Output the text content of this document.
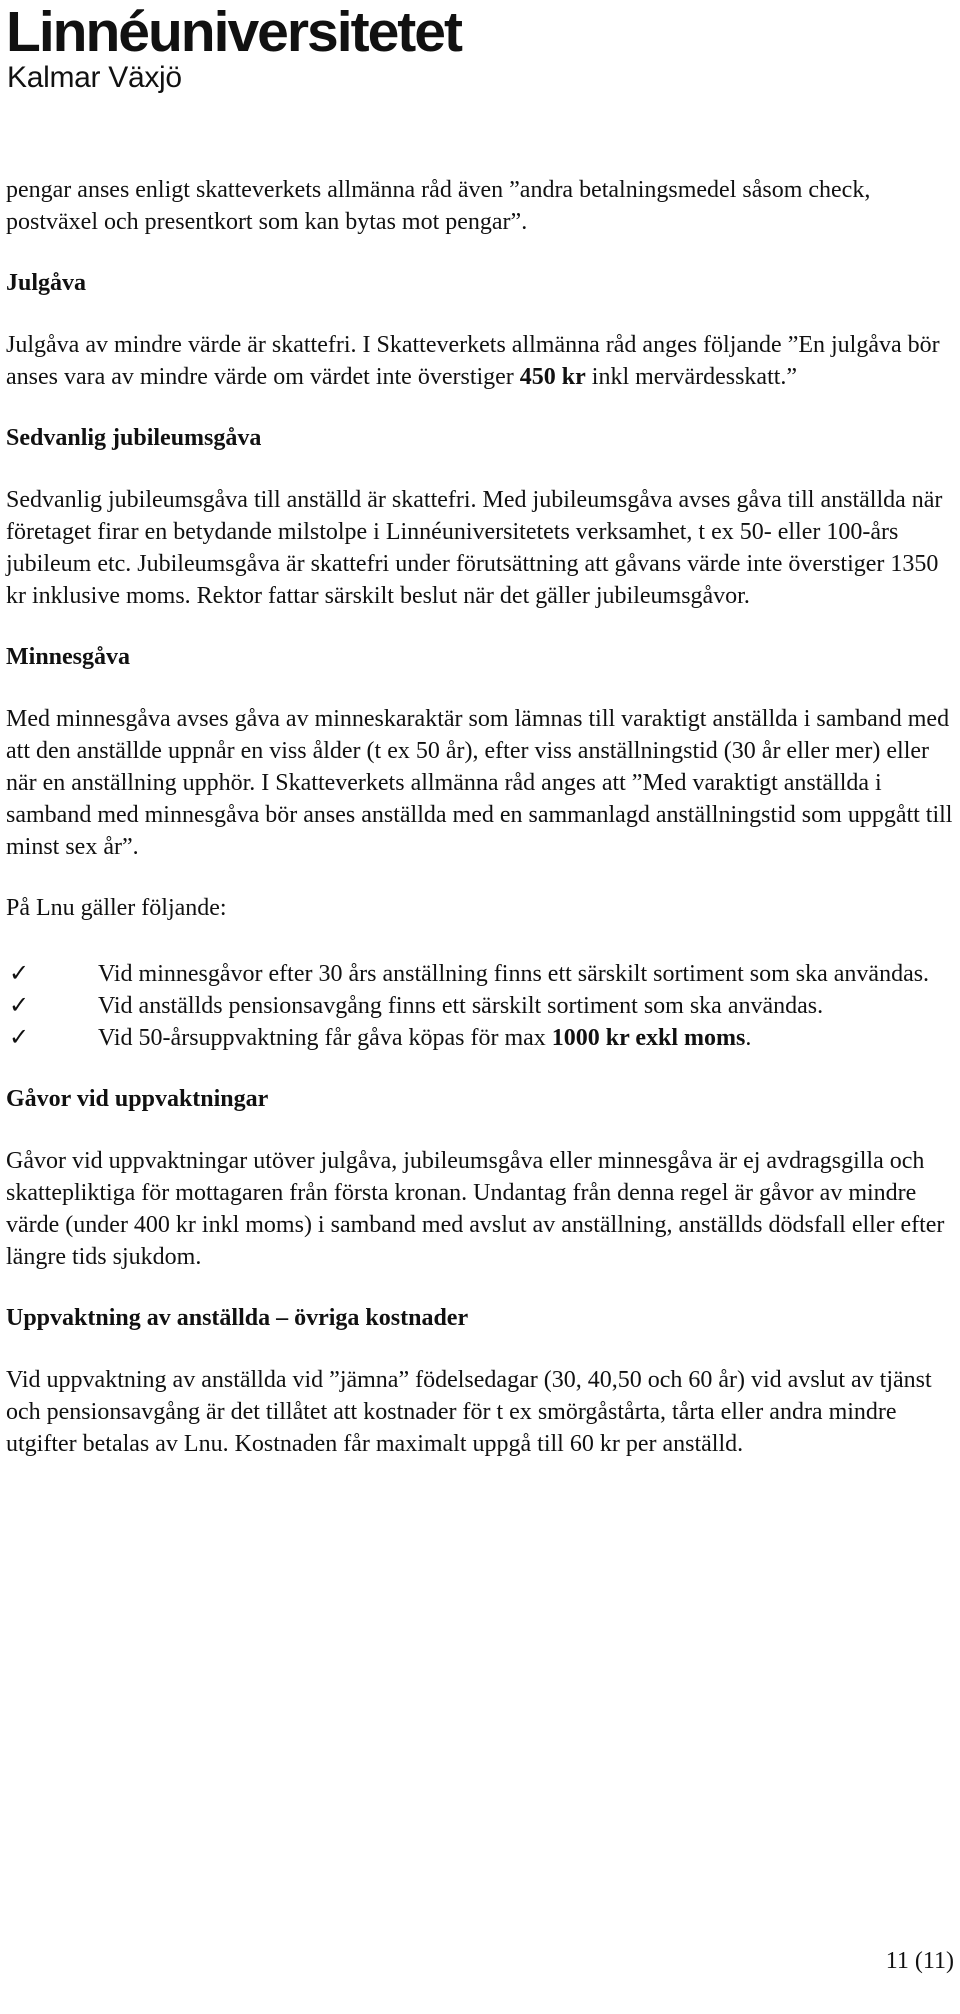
Linnéuniversitetet
Kalmar Växjö

pengar anses enligt skatteverkets allmänna råd även ”andra betalningsmedel såsom check, postväxel och presentkort som kan bytas mot pengar”.

Julgåva

Julgåva av mindre värde är skattefri. I Skatteverkets allmänna råd anges följande ”En julgåva bör anses vara av mindre värde om värdet inte överstiger 450 kr inkl mervärdesskatt.”

Sedvanlig jubileumsgåva

Sedvanlig jubileumsgåva till anställd är skattefri. Med jubileumsgåva avses gåva till anställda när företaget firar en betydande milstolpe i Linnéuniversitetets verksamhet, t ex 50- eller 100-års jubileum etc. Jubileumsgåva är skattefri under förutsättning att gåvans värde inte överstiger 1350 kr inklusive moms. Rektor fattar särskilt beslut när det gäller jubileumsgåvor.

Minnesgåva

Med minnesgåva avses gåva av minneskaraktär som lämnas till varaktigt anställda i samband med att den anställde uppnår en viss ålder (t ex 50 år), efter viss anställningstid (30 år eller mer) eller när en anställning upphör. I Skatteverkets allmänna råd anges att ”Med varaktigt anställda i samband med minnesgåva bör anses anställda med en sammanlagd anställningstid som uppgått till minst sex år”.

På Lnu gäller följande:

✓	Vid minnesgåvor efter 30 års anställning finns ett särskilt sortiment som ska användas.
✓	Vid anställds pensionsavgång finns ett särskilt sortiment som ska användas.
✓	Vid 50-årsuppvaktning får gåva köpas för max 1000 kr exkl moms.
Gåvor vid uppvaktningar

Gåvor vid uppvaktningar utöver julgåva, jubileumsgåva eller minnesgåva är ej avdragsgilla och skattepliktiga för mottagaren från första kronan. Undantag från denna regel är gåvor av mindre värde (under 400 kr inkl moms) i samband med avslut av anställning, anställds dödsfall eller efter längre tids sjukdom.

Uppvaktning av anställda – övriga kostnader

Vid uppvaktning av anställda vid ”jämna” födelsedagar (30, 40,50 och 60 år) vid avslut av tjänst och pensionsavgång är det tillåtet att kostnader för t ex smörgåstårta, tårta eller andra mindre utgifter betalas av Lnu. Kostnaden får maximalt uppgå till 60 kr per anställd.

11 (11)
